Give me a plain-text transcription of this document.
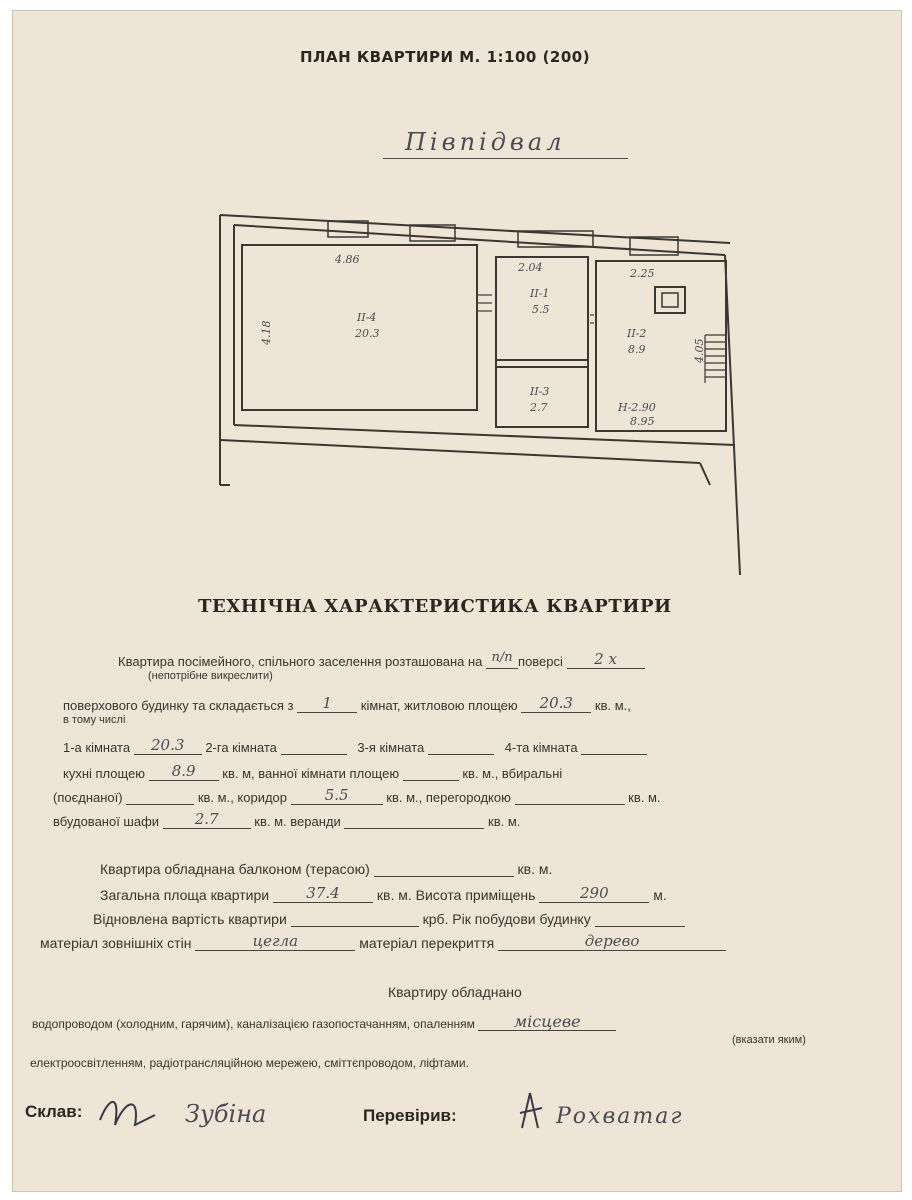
ПЛАН КВАРТИРИ М. 1:100 (200)
Півпідвал
4.86
2.04	2.25
II-4
20.3
II-1
5.5
II-3
2.7
II-2
8.9
H-2.90
8.95
4.18
4.05
ТЕХНІЧНА ХАРАКТЕРИСТИКА КВАРТИРИ
Квартира посімейного, спільного заселення розташована на п/п поверсі 2 х
(непотрібне викреслити)
поверхового будинку та складається з 1 кімнат, житловою площею 20.3 кв. м.,
в тому числі
1-а кімната 20.3 2-га кімната	3-я кімната	4-та кімната
кухні площею 8.9 кв. м, ванної кімнати площею	кв. м., вбиральні
(поєднаної)	кв. м., коридор	5.5	кв. м., перегородкою	кв. м.
вбудованої шафи 2.7	кв. м. веранди	кв. м.
Квартира обладнана балконом (терасою)	кв. м.
Загальна площа квартири 37.4	кв. м. Висота приміщень	290	м.
Відновлена вартість квартири	крб. Рік побудови будинку
матеріал зовнішніх стін	цегла	матеріал перекриття	дерево
Квартиру обладнано
водопроводом (холодним, гарячим), каналізацією газопостачанням, опаленням місцеве
(вказати яким)
електроосвітленням, радіотрансляційною мережею, сміттєпроводом, ліфтами.
Склав:	Зубіна	Перевірив:	Рохватаг
